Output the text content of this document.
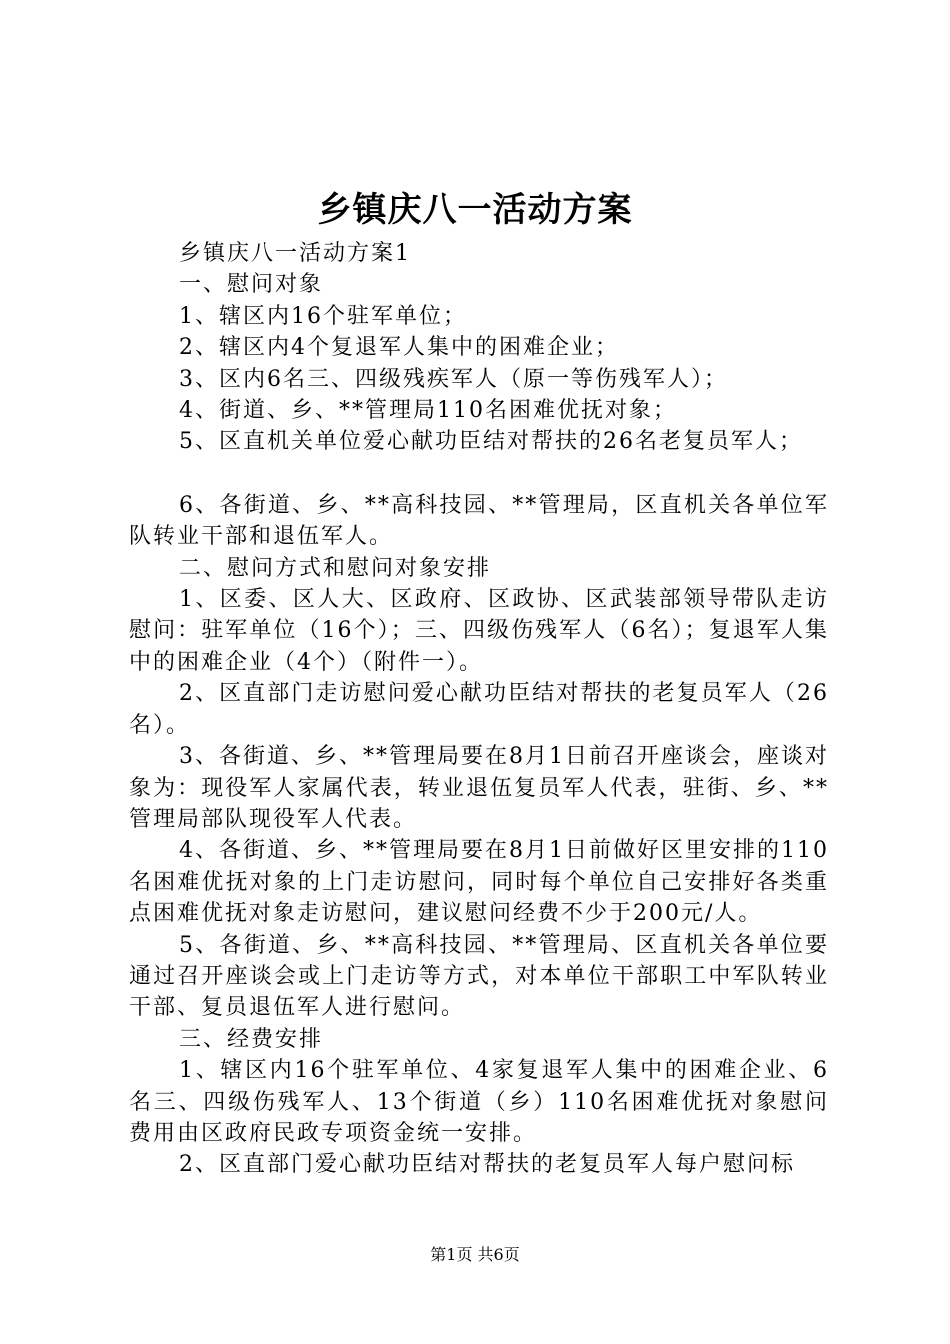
乡镇庆八一活动方案

乡镇庆八一活动方案1

一、慰问对象

1、辖区内16个驻军单位；

2、辖区内4个复退军人集中的困难企业；

3、区内6名三、四级残疾军人（原一等伤残军人）；

4、街道、乡、**管理局110名困难优抚对象；

5、区直机关单位爱心献功臣结对帮扶的26名老复员军人；

6、各街道、乡、**高科技园、**管理局，区直机关各单位军队转业干部和退伍军人。

二、慰问方式和慰问对象安排

1、区委、区人大、区政府、区政协、区武装部领导带队走访慰问：驻军单位（16个）；三、四级伤残军人（6名）；复退军人集中的困难企业（4个）（附件一）。

2、区直部门走访慰问爱心献功臣结对帮扶的老复员军人（26名）。

3、各街道、乡、**管理局要在8月1日前召开座谈会，座谈对象为：现役军人家属代表，转业退伍复员军人代表，驻街、乡、**管理局部队现役军人代表。

4、各街道、乡、**管理局要在8月1日前做好区里安排的110名困难优抚对象的上门走访慰问，同时每个单位自己安排好各类重点困难优抚对象走访慰问，建议慰问经费不少于200元/人。

5、各街道、乡、**高科技园、**管理局、区直机关各单位要通过召开座谈会或上门走访等方式，对本单位干部职工中军队转业干部、复员退伍军人进行慰问。

三、经费安排

1、辖区内16个驻军单位、4家复退军人集中的困难企业、6名三、四级伤残军人、13个街道（乡）110名困难优抚对象慰问费用由区政府民政专项资金统一安排。

2、区直部门爱心献功臣结对帮扶的老复员军人每户慰问标

第1页 共6页
